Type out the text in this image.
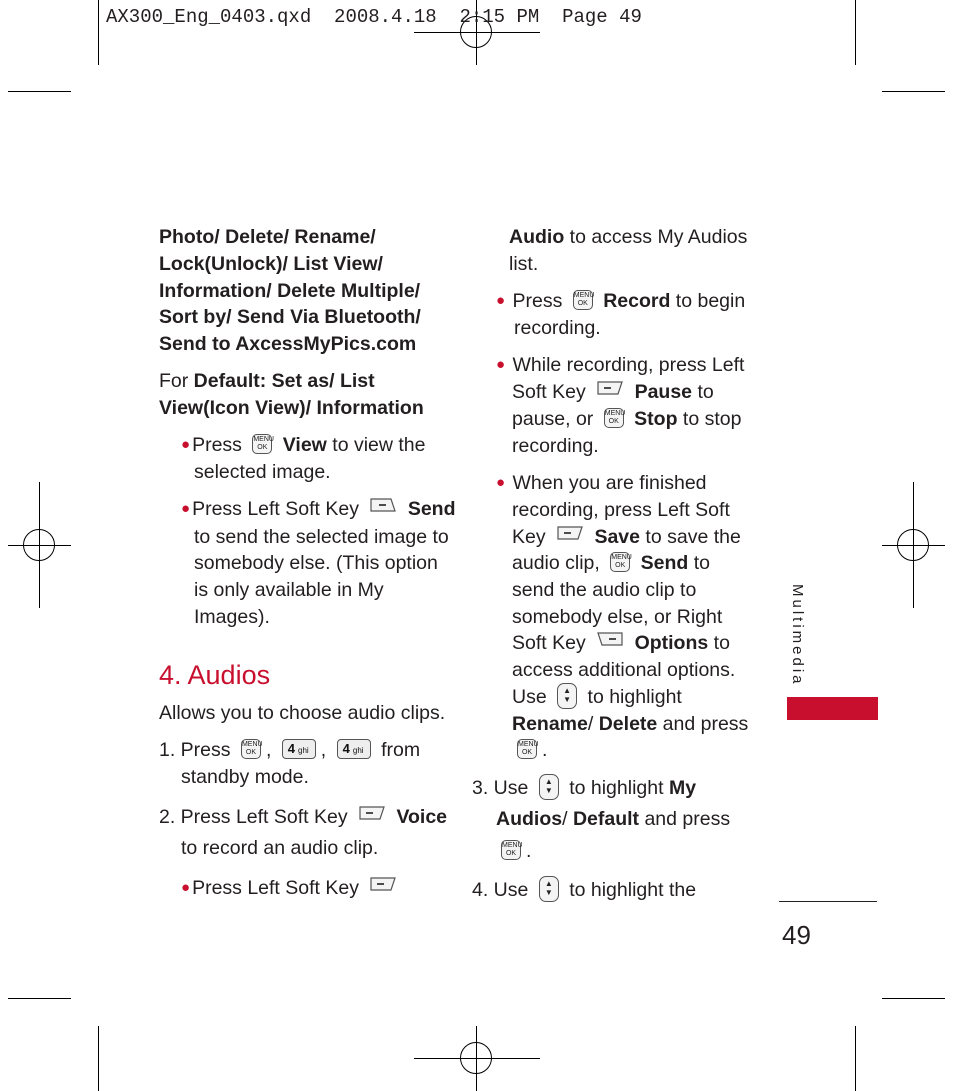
AX300_Eng_0403.qxd  2008.4.18  2:15 PM  Page 49
Photo/ Delete/ Rename/
Lock(Unlock)/ List View/
Information/ Delete Multiple/
Sort by/ Send Via Bluetooth/
Send to AxcessMyPics.com
For Default: Set as/ List
View(Icon View)/ Information
● Press MENU
OK View to view the
selected image.
● Press Left Soft Key	Send
to send the selected image to
somebody else. (This option
is only available in My
Images).
4. Audios
Allows you to choose audio clips.
1. Press MENU
OK , 4 ghi , 4 ghi from
standby mode.
2. Press Left Soft Key	Voice
to record an audio clip.
● Press Left Soft Key
Audio to access My Audios
list.
● Press MENU
OK Record to begin
recording.
● While recording, press Left
Soft Key	Pause to
pause, or MENU
OK Stop to stop
recording.
● When you are finished
recording, press Left Soft
Key	Save to save the
audio clip, MENU
OK Send to
send the audio clip to
somebody else, or Right
Soft Key	Options to
access additional options.
Use ▲
▼ to highlight
Rename/ Delete and press
MENU
OK .
3. Use ▲
▼ to highlight My
Audios/ Default and press
MENU
OK .
4. Use ▲
▼ to highlight the
Multimedia
49
